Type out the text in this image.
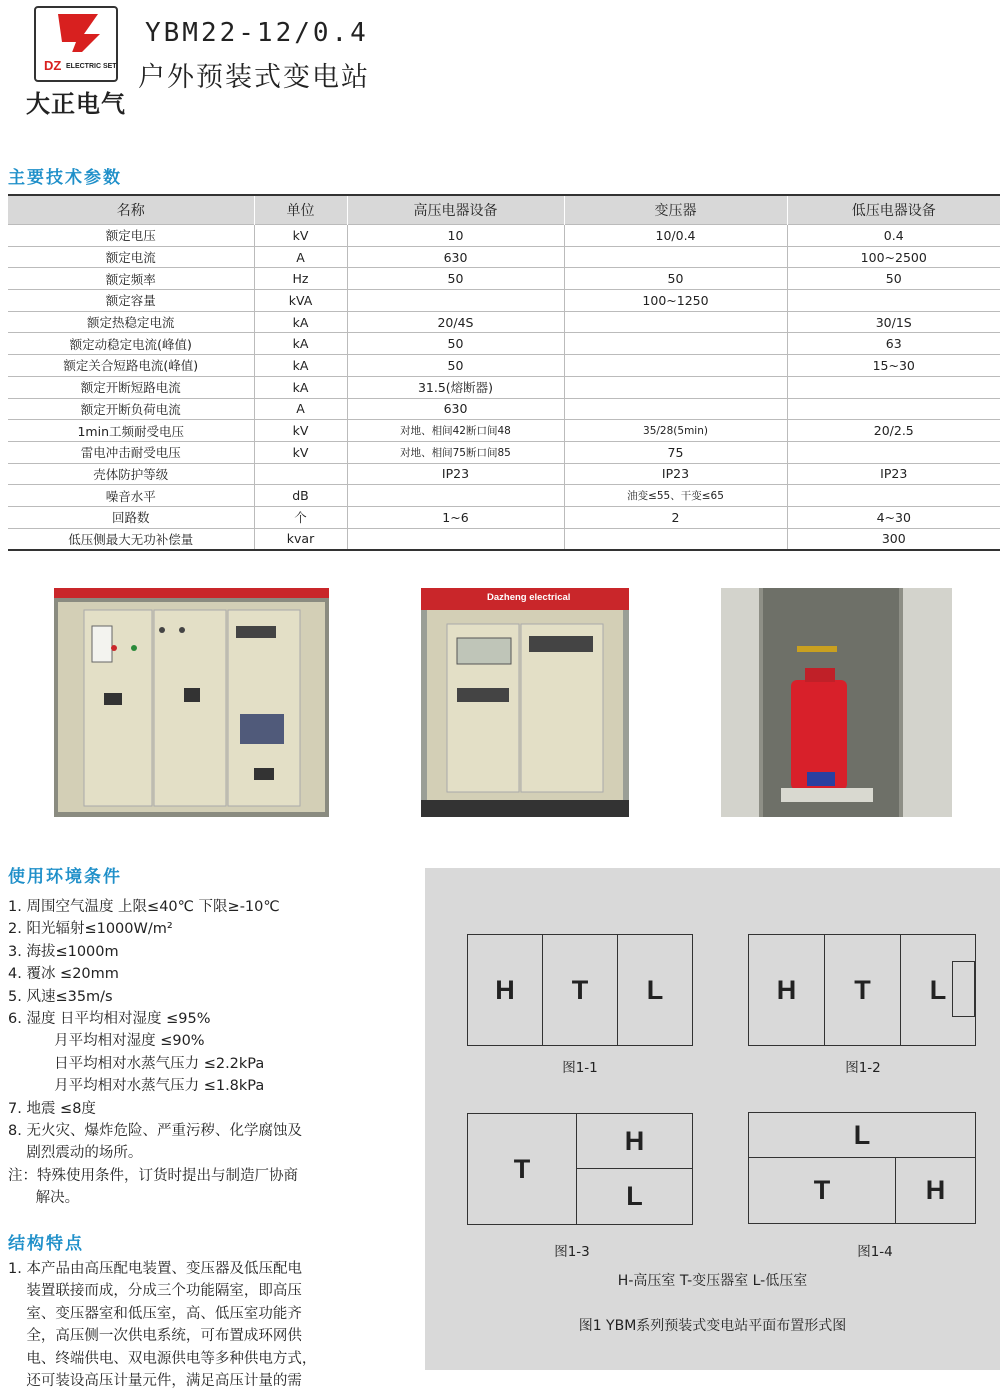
DZ ELECTRIC SET
大正电气
YBM22-12/0.4
户外预装式变电站
主要技术参数
名称	单位	高压电器设备	变压器	低压电器设备
额定电压	kV	10	10/0.4	0.4
额定电流	A	630		100~2500
额定频率	Hz	50	50	50
额定容量	kVA		100~1250	
额定热稳定电流	kA	20/4S		30/1S
额定动稳定电流(峰值)	kA	50		63
额定关合短路电流(峰值)	kA	50		15~30
额定开断短路电流	kA	31.5(熔断器)		
额定开断负荷电流	A	630		
1min工频耐受电压	kV	对地、相间42断口间48	35/28(5min)	20/2.5
雷电冲击耐受电压	kV	对地、相间75断口间85	75	
壳体防护等级		IP23	IP23	IP23
噪音水平	dB		油变≤55、干变≤65	
回路数	个	1~6	2	4~30
低压侧最大无功补偿量	kvar			300
Dazheng electrical
使用环境条件
1. 周围空气温度 上限≤40℃ 下限≥-10℃
2. 阳光辐射≤1000W/m²
3. 海拔≤1000m
4. 覆冰 ≤20mm
5. 风速≤35m/s
6. 湿度 日平均相对湿度 ≤95%
月平均相对湿度 ≤90%
日平均相对水蒸气压力 ≤2.2kPa
月平均相对水蒸气压力 ≤1.8kPa
7. 地震 ≤8度
8. 无火灾、爆炸危险、严重污秽、化学腐蚀及
剧烈震动的场所。
注：特殊使用条件，订货时提出与制造厂协商
解决。
结构特点
1. 本产品由高压配电装置、变压器及低压配电
装置联接而成，分成三个功能隔室，即高压
室、变压器室和低压室，高、低压室功能齐
全，高压侧一次供电系统，可布置成环网供
电、终端供电、双电源供电等多种供电方式，
还可装设高压计量元件，满足高压计量的需
H	T	L
图1-1
H	T	L
图1-2
T
H
L
图1-3
L
T	H
图1-4
H-高压室 T-变压器室 L-低压室
图1 YBM系列预装式变电站平面布置形式图
